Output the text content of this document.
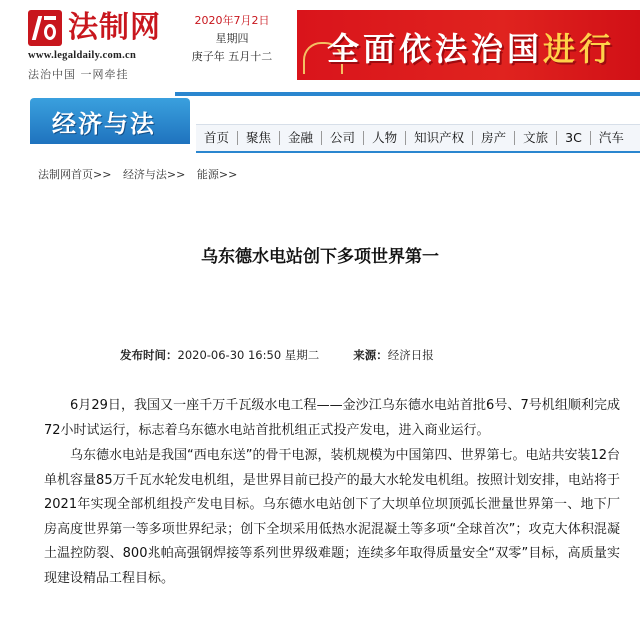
法制网
www.legaldaily.com.cn
法治中国 一网牵挂
2020年7月2日
星期四
庚子年 五月十二	全面依法治国进行
经济与法	首页	聚焦	金融	公司	人物	知识产权	房产	文旅	3C	汽车
法制网首页>> 经济与法>> 能源>>
乌东德水电站创下多项世界第一
发布时间：2020-06-30 16:50 星期二	来源：经济日报

6月29日，我国又一座千万千瓦级水电工程——金沙江乌东德水电站首批6号、7号机组顺利完成72小时试运行，标志着乌东德水电站首批机组正式投产发电，进入商业运行。

乌东德水电站是我国“西电东送”的骨干电源，装机规模为中国第四、世界第七。电站共安装12台单机容量85万千瓦水轮发电机组，是世界目前已投产的最大水轮发电机组。按照计划安排，电站将于2021年实现全部机组投产发电目标。乌东德水电站创下了大坝单位坝顶弧长泄量世界第一、地下厂房高度世界第一等多项世界纪录；创下全坝采用低热水泥混凝土等多项“全球首次”；攻克大体积混凝土温控防裂、800兆帕高强钢焊接等系列世界级难题；连续多年取得质量安全“双零”目标，高质量实现建设精品工程目标。
